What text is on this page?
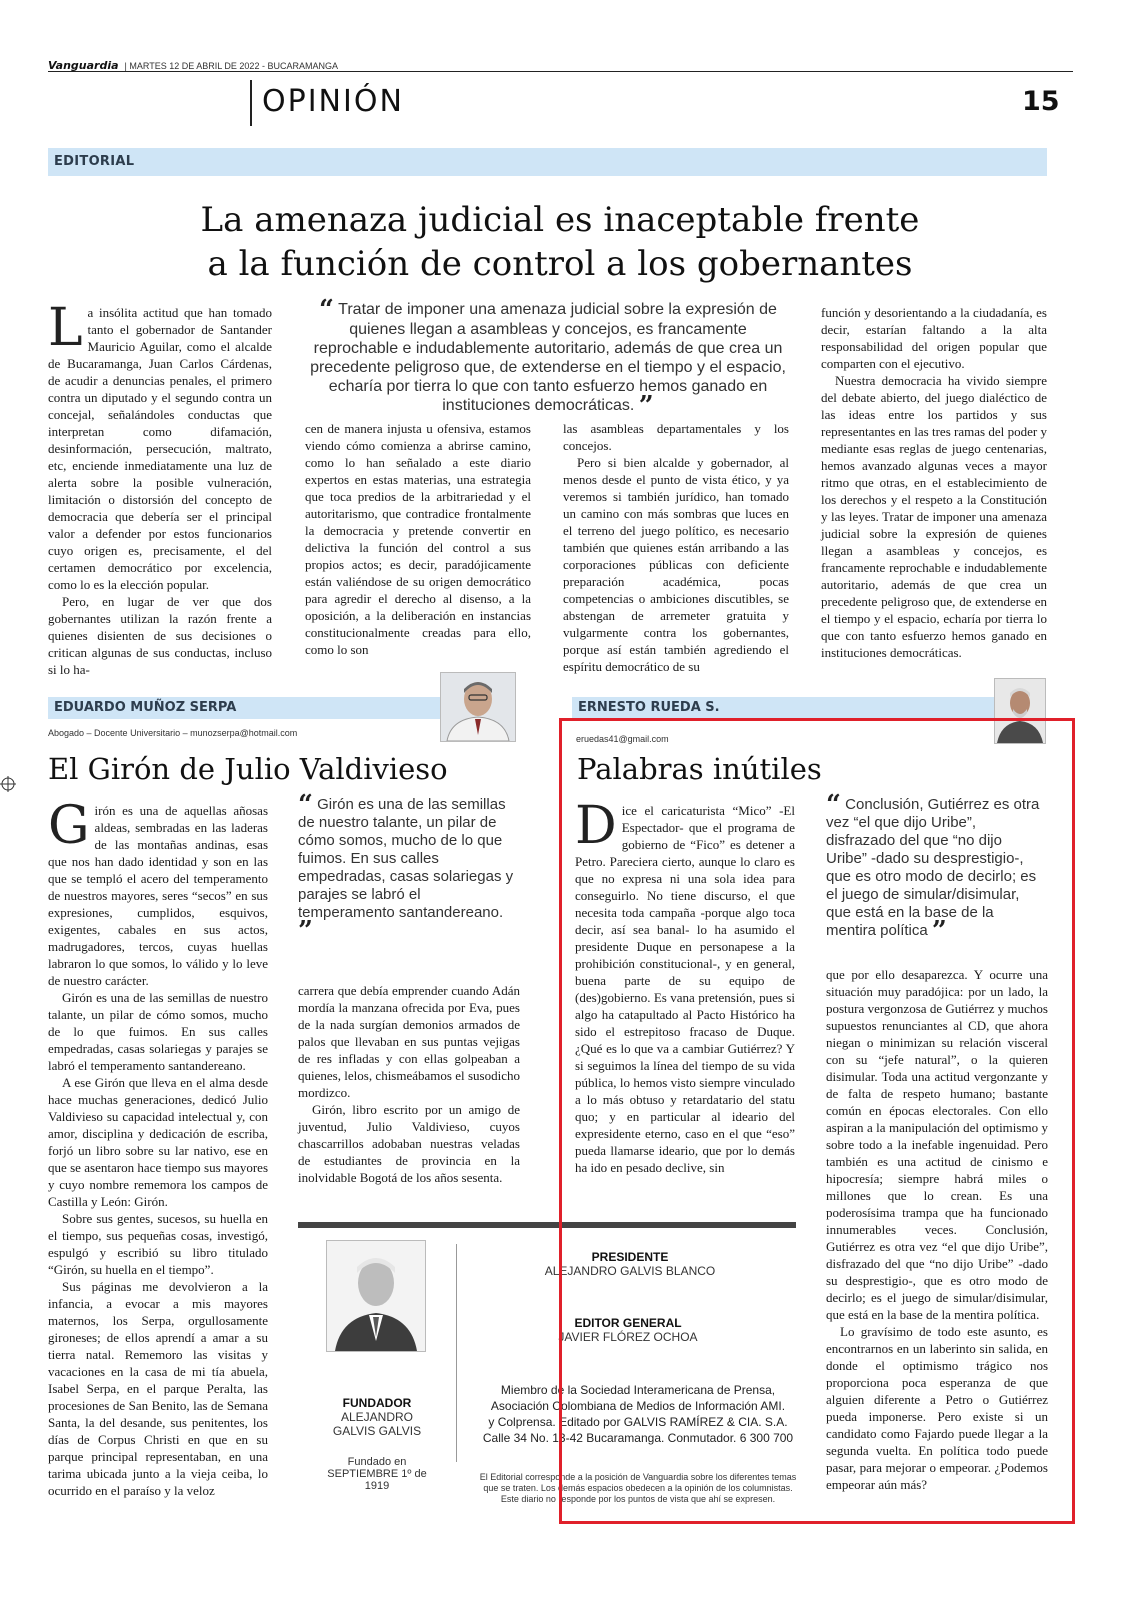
Vanguardia | MARTES 12 DE ABRIL DE 2022 - BUCARAMANGA
OPINIÓN	15
EDITORIAL
La amenaza judicial es inaceptable frente
a la función de control a los gobernantes

La insólita actitud que han tomado tanto el gobernador de Santander Mauricio Aguilar, como el alcalde de Bucaramanga, Juan Carlos Cárdenas, de acudir a denuncias penales, el primero contra un diputado y el segundo contra un concejal, señalándoles conductas que interpretan como difamación, desinformación, persecución, maltrato, etc, enciende inmediatamente una luz de alerta sobre la posible vulneración, limitación o distorsión del concepto de democracia que debería ser el principal valor a defender por estos funcionarios cuyo origen es, precisamente, el del certamen democrático por excelencia, como lo es la elección popular.

Pero, en lugar de ver que dos gobernantes utilizan la razón frente a quienes disienten de sus decisiones o critican algunas de sus conductas, incluso si lo ha-

“ Tratar de imponer una amenaza judicial sobre la expresión de quienes llegan a asambleas y concejos, es francamente reprochable e indudablemente autoritario, además de que crea un precedente peligroso que, de extenderse en el tiempo y el espacio, echaría por tierra lo que con tanto esfuerzo hemos ganado en instituciones democráticas. ”

cen de manera injusta u ofensiva, estamos viendo cómo comienza a abrirse camino, como lo han señalado a este diario expertos en estas materias, una estrategia que toca predios de la arbitrariedad y el autoritarismo, que contradice frontalmente la democracia y pretende convertir en delictiva la función del control a sus propios actos; es decir, paradójicamente están valiéndose de su origen democrático para agredir el derecho al disenso, a la oposición, a la deliberación en instancias constitucionalmente creadas para ello, como lo son

las asambleas departamentales y los concejos.

Pero si bien alcalde y gobernador, al menos desde el punto de vista ético, y ya veremos si también jurídico, han tomado un camino con más sombras que luces en el terreno del juego político, es necesario también que quienes están arribando a las corporaciones públicas con deficiente preparación académica, pocas competencias o ambiciones discutibles, se abstengan de arremeter gratuita y vulgarmente contra los gobernantes, porque así están también agrediendo el espíritu democrático de su

función y desorientando a la ciudadanía, es decir, estarían faltando a la alta responsabilidad del origen popular que comparten con el ejecutivo.

Nuestra democracia ha vivido siempre del debate abierto, del juego dialéctico de las ideas entre los partidos y sus representantes en las tres ramas del poder y mediante esas reglas de juego centenarias, hemos avanzado algunas veces a mayor ritmo que otras, en el establecimiento de los derechos y el respeto a la Constitución y las leyes. Tratar de imponer una amenaza judicial sobre la expresión de quienes llegan a asambleas y concejos, es francamente reprochable e indudablemente autoritario, además de que crea un precedente peligroso que, de extenderse en el tiempo y el espacio, echaría por tierra lo que con tanto esfuerzo hemos ganado en instituciones democráticas.

EDUARDO MUÑOZ SERPA
Abogado – Docente Universitario – munozserpa@hotmail.com
El Girón de Julio Valdivieso

Girón es una de aquellas añosas aldeas, sembradas en las laderas de las montañas andinas, esas que nos han dado identidad y son en las que se templó el acero del temperamento de nuestros mayores, seres “secos” en sus expresiones, cumplidos, esquivos, exigentes, cabales en sus actos, madrugadores, tercos, cuyas huellas labraron lo que somos, lo válido y lo leve de nuestro carácter.

Girón es una de las semillas de nuestro talante, un pilar de cómo somos, mucho de lo que fuimos. En sus calles empedradas, casas solariegas y parajes se labró el temperamento santandereano.

A ese Girón que lleva en el alma desde hace muchas generaciones, dedicó Julio Valdivieso su capacidad intelectual y, con amor, disciplina y dedicación de escriba, forjó un libro sobre su lar nativo, ese en que se asentaron hace tiempo sus mayores y cuyo nombre rememora los campos de Castilla y León: Girón.

Sobre sus gentes, sucesos, su huella en el tiempo, sus pequeñas cosas, investigó, espulgó y escribió su libro titulado “Girón, su huella en el tiempo”.

Sus páginas me devolvieron a la infancia, a evocar a mis mayores maternos, los Serpa, orgullosamente gironeses; de ellos aprendí a amar a su tierra natal. Rememoro las visitas y vacaciones en la casa de mi tía abuela, Isabel Serpa, en el parque Peralta, las procesiones de San Benito, las de Semana Santa, la del desande, sus penitentes, los días de Corpus Christi en que en su parque principal representaban, en una tarima ubicada junto a la vieja ceiba, lo ocurrido en el paraíso y la veloz

“ Girón es una de las semillas de nuestro talante, un pilar de cómo somos, mucho de lo que fuimos. En sus calles empedradas, casas solariegas y parajes se labró el temperamento santandereano. ”

carrera que debía emprender cuando Adán mordía la manzana ofrecida por Eva, pues de la nada surgían demonios armados de palos que llevaban en sus puntas vejigas de res infladas y con ellas golpeaban a quienes, lelos, chismeábamos el susodicho mordizco.

Girón, libro escrito por un amigo de juventud, Julio Valdivieso, cuyos chascarrillos adobaban nuestras veladas de estudiantes de provincia en la inolvidable Bogotá de los años sesenta.

ERNESTO RUEDA S.
eruedas41@gmail.com
Palabras inútiles

Dice el caricaturista “Mico” -El Espectador- que el programa de gobierno de “Fico” es detener a Petro. Pareciera cierto, aunque lo claro es que no expresa ni una sola idea para conseguirlo. No tiene discurso, el que necesita toda campaña -porque algo toca decir, así sea banal- lo ha asumido el presidente Duque en personapese a la prohibición constitucional-, y en general, buena parte de su equipo de (des)gobierno. Es vana pretensión, pues si algo ha catapultado al Pacto Histórico ha sido el estrepitoso fracaso de Duque. ¿Qué es lo que va a cambiar Gutiérrez? Y si seguimos la línea del tiempo de su vida pública, lo hemos visto siempre vinculado a lo más obtuso y retardatario del statu quo; y en particular al ideario del expresidente eterno, caso en el que “eso” pueda llamarse ideario, que por lo demás ha ido en pesado declive, sin

“ Conclusión, Gutiérrez es otra vez “el que dijo Uribe”, disfrazado del que “no dijo Uribe” -dado su desprestigio-, que es otro modo de decirlo; es el juego de simular/disimular, que está en la base de la mentira política ”

que por ello desaparezca. Y ocurre una situación muy paradójica: por un lado, la postura vergonzosa de Gutiérrez y muchos supuestos renunciantes al CD, que ahora niegan o minimizan su relación visceral con su “jefe natural”, o la quieren disimular. Toda una actitud vergonzante y de falta de respeto humano; bastante común en épocas electorales. Con ello aspiran a la manipulación del optimismo y sobre todo a la inefable ingenuidad. Pero también es una actitud de cinismo e hipocresía; siempre habrá miles o millones que lo crean. Es una poderosísima trampa que ha funcionado innumerables veces. Conclusión, Gutiérrez es otra vez “el que dijo Uribe”, disfrazado del que “no dijo Uribe” -dado su desprestigio-, que es otro modo de decirlo; es el juego de simular/disimular, que está en la base de la mentira política.

Lo gravísimo de todo este asunto, es encontrarnos en un laberinto sin salida, en donde el optimismo trágico nos proporciona poca esperanza de que alguien diferente a Petro o Gutiérrez pueda imponerse. Pero existe si un candidato como Fajardo puede llegar a la segunda vuelta. En política todo puede pasar, para mejorar o empeorar. ¿Podemos empeorar aún más?

FUNDADOR
ALEJANDRO
GALVIS GALVIS
Fundado en
SEPTIEMBRE 1º de 1919
PRESIDENTE
ALEJANDRO GALVIS BLANCO
EDITOR GENERAL
JAVIER FLÓREZ OCHOA
Miembro de la Sociedad Interamericana de Prensa,
Asociación Colombiana de Medios de Información AMI.
y Colprensa. Editado por GALVIS RAMÍREZ & CIA. S.A.
Calle 34 No. 13-42 Bucaramanga. Conmutador. 6 300 700
El Editorial corresponde a la posición de Vanguardia sobre los diferentes temas
que se traten. Los demás espacios obedecen a la opinión de los columnistas.
Este diario no responde por los puntos de vista que ahí se expresen.
